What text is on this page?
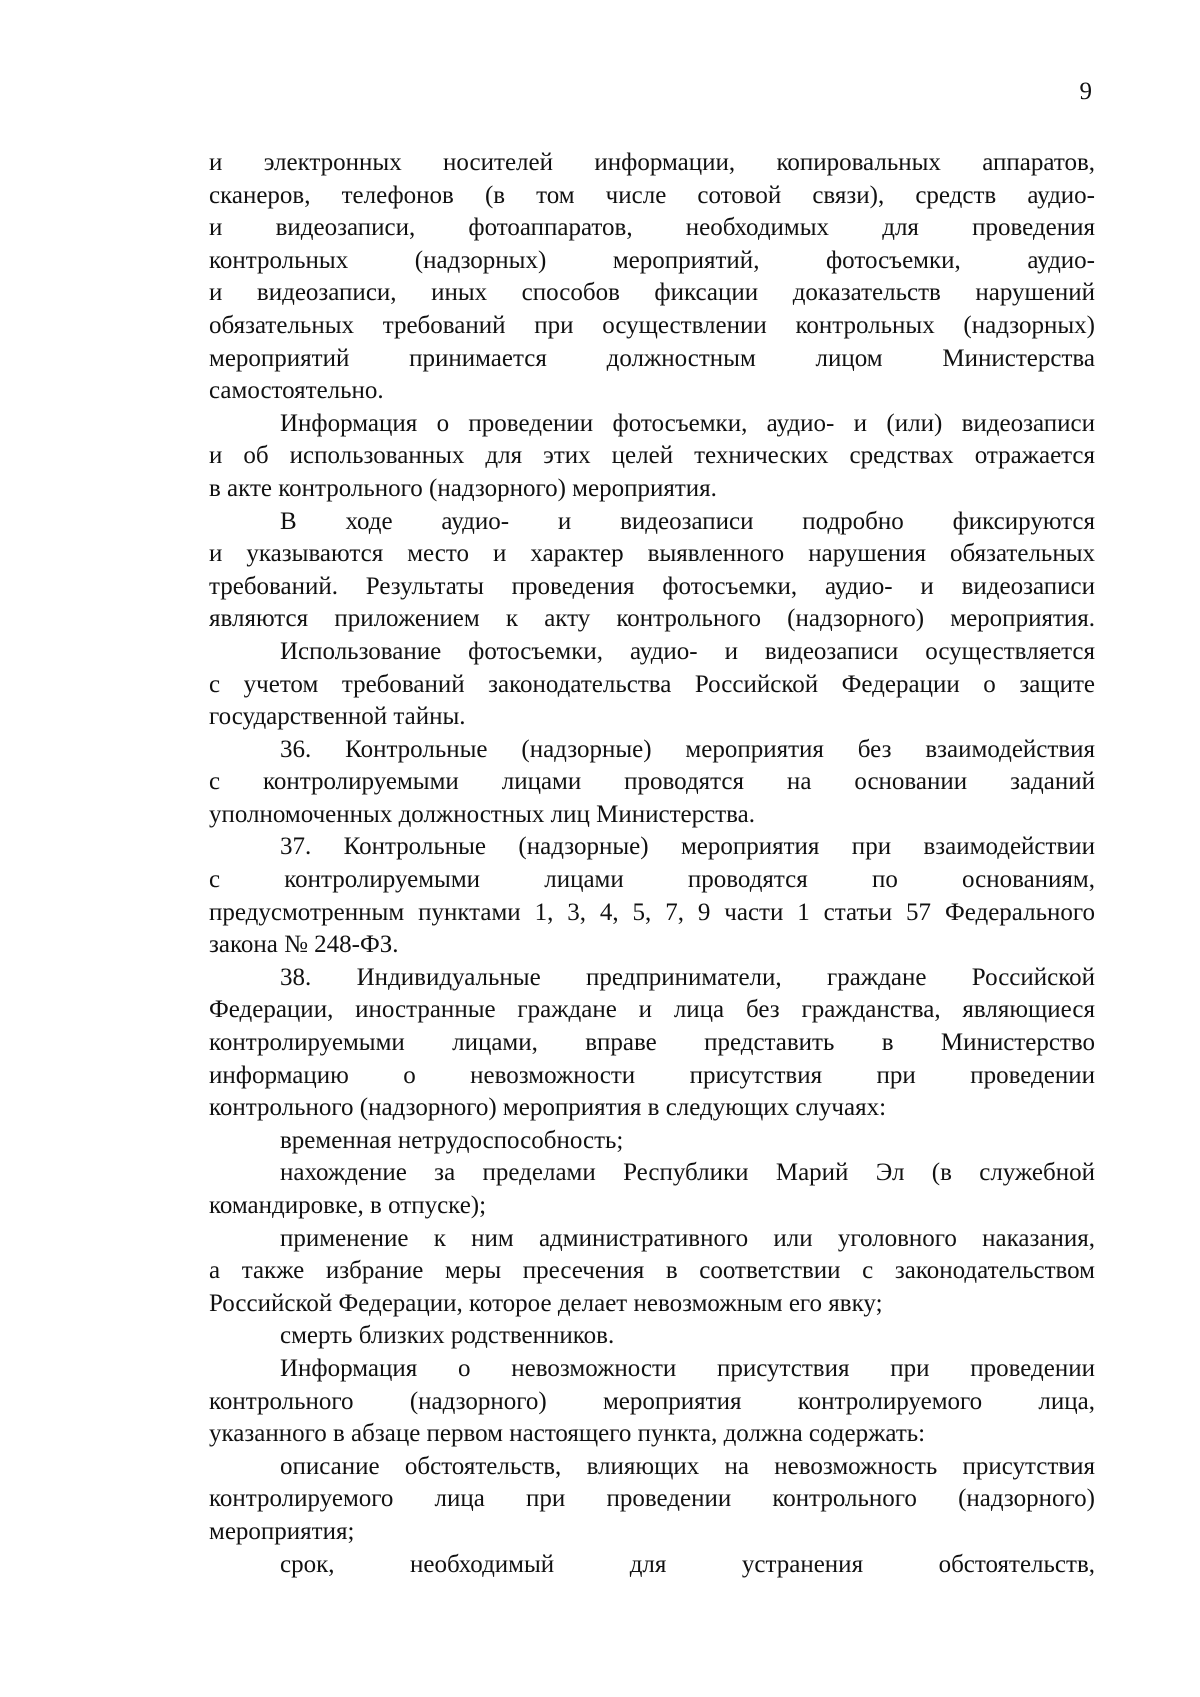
9
и электронных носителей информации, копировальных аппаратов,
сканеров, телефонов (в том числе сотовой связи), средств аудио-
и видеозаписи, фотоаппаратов, необходимых для проведения
контрольных (надзорных) мероприятий, фотосъемки, аудио-
и видеозаписи, иных способов фиксации доказательств нарушений
обязательных требований при осуществлении контрольных (надзорных)
мероприятий принимается должностным лицом Министерства
самостоятельно.
Информация о проведении фотосъемки, аудио- и (или) видеозаписи
и об использованных для этих целей технических средствах отражается
в акте контрольного (надзорного) мероприятия.
В ходе аудио- и видеозаписи подробно фиксируются
и указываются место и характер выявленного нарушения обязательных
требований. Результаты проведения фотосъемки, аудио- и видеозаписи
являются приложением к акту контрольного (надзорного) мероприятия.
Использование фотосъемки, аудио- и видеозаписи осуществляется
с учетом требований законодательства Российской Федерации о защите
государственной тайны.
36. Контрольные (надзорные) мероприятия без взаимодействия
с контролируемыми лицами проводятся на основании заданий
уполномоченных должностных лиц Министерства.
37. Контрольные (надзорные) мероприятия при взаимодействии
с контролируемыми лицами проводятся по основаниям,
предусмотренным пунктами 1, 3, 4, 5, 7, 9 части 1 статьи 57 Федерального
закона № 248-ФЗ.
38. Индивидуальные предприниматели, граждане Российской
Федерации, иностранные граждане и лица без гражданства, являющиеся
контролируемыми лицами, вправе представить в Министерство
информацию о невозможности присутствия при проведении
контрольного (надзорного) мероприятия в следующих случаях:
временная нетрудоспособность;
нахождение за пределами Республики Марий Эл (в служебной
командировке, в отпуске);
применение к ним административного или уголовного наказания,
а также избрание меры пресечения в соответствии с законодательством
Российской Федерации, которое делает невозможным его явку;
смерть близких родственников.
Информация о невозможности присутствия при проведении
контрольного (надзорного) мероприятия контролируемого лица,
указанного в абзаце первом настоящего пункта, должна содержать:
описание обстоятельств, влияющих на невозможность присутствия
контролируемого лица при проведении контрольного (надзорного)
мероприятия;
срок, необходимый для устранения обстоятельств,
